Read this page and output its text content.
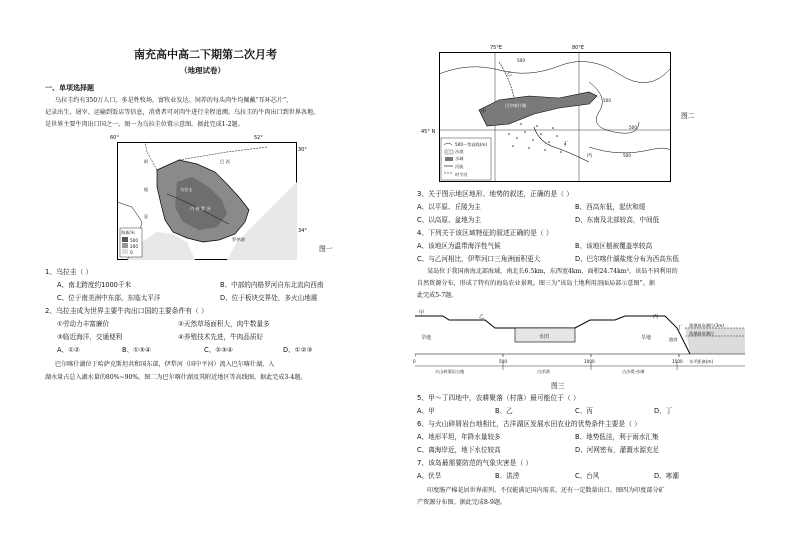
南充高中高二下期第二次月考
（地理试卷）
一、单项选择题
乌拉圭约有350万人口，多是牲牧场，富牧业发达。饲养的每头肉牛均佩戴“耳环芯片”，
记录出生、屠宰、运输到饭店等信息，消费者可对肉牛进行全程追溯。乌拉圭的牛肉出口到世界各地，
是世界主要牛肉出口国之一。图一为乌拉圭位置示意图。据此完成1-2题。
60°	52°
30°
34°
阿	巴 西
根
廷
乌拉圭
内 格 罗 河
罗伊湖
海拔/米
500
200
0	图一
1、乌拉圭（ ）
A、南北跨度约1000千米	B、中部的内格罗河自东北流向西南
C、位于南美洲中东部，东临太平洋	D、位于板块交界处，多火山地震
2、乌拉圭成为世界主要牛肉出口国的主要条件有（ ）
①劳动力丰富廉价	②天然草场面积大，肉牛数量多
③临近海洋，交通便利	④养殖技术先进，牛肉品质好
A、①②	B、①③④	C、②③④	D、①②③
巴尔喀什湖位于哈萨克斯坦共和国东部，伊犁河（国中平河）流入巴尔喀什湖，入
湖水量占总入湖水量的80%~90%。图二为巴尔喀什湖及其附近地区等高线图。据此完成3-4题。
75°E	80°E
45° N
巴尔喀什湖
乙
甲
丁
丙
500
500
500
500
500～等高线(m)
沙漠
水域
河流
时令河
图二
3、关于图示地区地形、地势的叙述，正确的是（ ）
A、以平原、丘陵为主	B、西高东低，起伏和缓
C、以高原、盆地为主	D、东南及北部较高，中间低
4、下列关于该区域特征的叙述正确的是（ ）
A、该地区为温带海洋性气候	B、该地区植被覆盖率较高
C、与乙河相比，伊犁河口三角洲面积更大	D、巴尔喀什湖盐度分布为西高东低
某岛位于我国南海北部海域，南北长6.5km，东西宽4km，面积24.74km²。该岛不同利用的
自然资源分布，形成了特有的海岛农业景观。图三为“该岛土地利用剖面局部示意图”。据
此完成5-7题。
甲
乙	丙
丁
旱地	水田	旱地	港湾
涨潮最高潮位(3m)
落潮最低潮位
0	500	1000	1500 水平距离(m)
火山碎屑岩台地	古洋湖	古沙堤-沙滩
图三
5、甲～丁四地中，农耕聚落（村落）最可能位于（ ）
A、甲	B、乙	C、丙	D、丁
6、与火山碎屑岩台地相比，古洋湖区发展水田农业的优势条件主要是（ ）
A、地形平坦，年降水量较多	B、地势低洼，利于雨水汇集
C、离海岸近，地下水位较高	D、河网密布，灌溉水源充足
7、该岛最需要防范的气象灾害是（ ）
A、伏旱	B、洪涝	C、台风	D、寒潮
印度肠产棉花居世界前列。不仅能满足国内需求，还有一定数量出口。图四为印度部分矿
产资源分布图。据此完成8-9题。
